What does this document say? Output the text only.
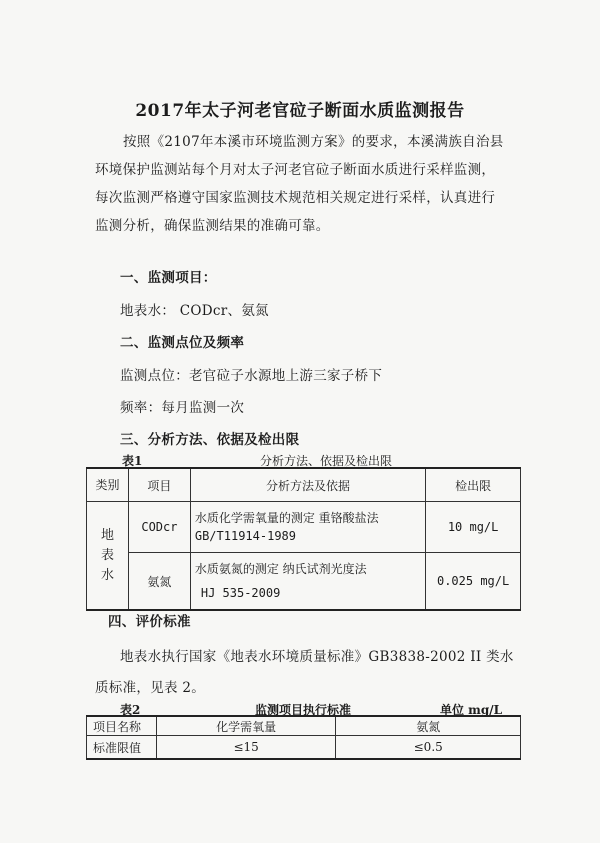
2017年太子河老官砬子断面水质监测报告
按照《2107年本溪市环境监测方案》的要求，本溪满族自治县
环境保护监测站每个月对太子河老官砬子断面水质进行采样监测，
每次监测严格遵守国家监测技术规范相关规定进行采样，认真进行
监测分析，确保监测结果的准确可靠。
一、监测项目：
地表水： CODcr、氨氮
二、监测点位及频率
监测点位：老官砬子水源地上游三家子桥下
频率：每月监测一次
三、分析方法、依据及检出限
表1	分析方法、依据及检出限
类别	项目	分析方法及依据	检出限
地表水	CODcr	水质化学需氧量的测定 重铬酸盐法
GB/T11914-1989	10 mg/L
	氨氮	水质氨氮的测定 纳氏试剂光度法
HJ 535-2009	0.025 mg/L
四、评价标准
地表水执行国家《地表水环境质量标准》GB3838-2002 II 类水
质标准，见表 2。
表2	监测项目执行标准	单位 mg/L
项目名称	化学需氧量	氨氮
标准限值	≤15	≤0.5
